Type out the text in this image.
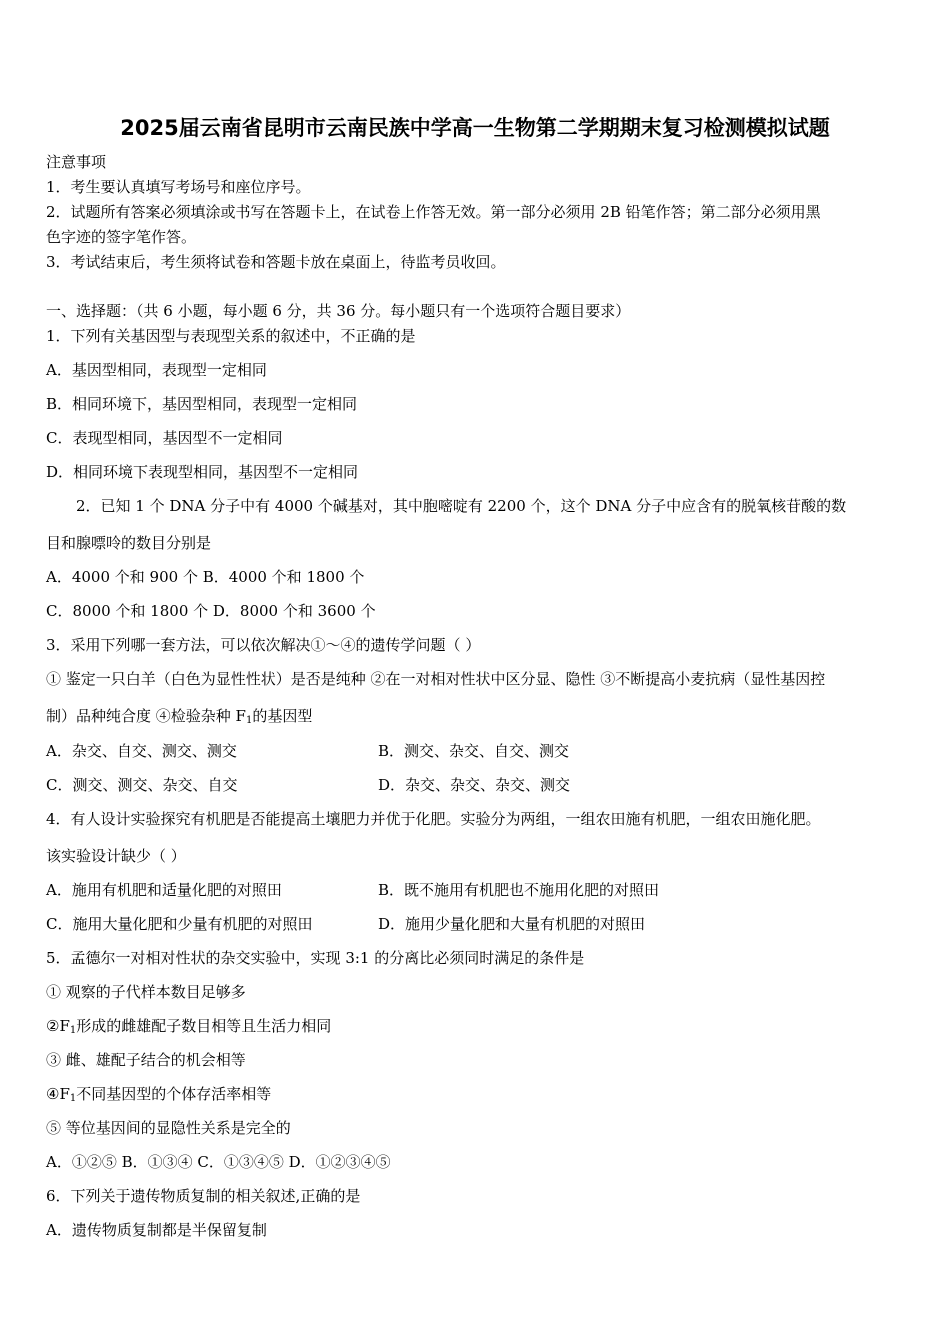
2025届云南省昆明市云南民族中学高一生物第二学期期末复习检测模拟试题
注意事项
1．考生要认真填写考场号和座位序号。
2．试题所有答案必须填涂或书写在答题卡上，在试卷上作答无效。第一部分必须用 2B 铅笔作答；第二部分必须用黑
色字迹的签字笔作答。
3．考试结束后，考生须将试卷和答题卡放在桌面上，待监考员收回。
一、选择题：（共 6 小题，每小题 6 分，共 36 分。每小题只有一个选项符合题目要求）
1．下列有关基因型与表现型关系的叙述中，不正确的是
A．基因型相同，表现型一定相同
B．相同环境下，基因型相同，表现型一定相同
C．表现型相同，基因型不一定相同
D．相同环境下表现型相同，基因型不一定相同
2．已知 1 个 DNA 分子中有 4000 个碱基对，其中胞嘧啶有 2200 个，这个 DNA 分子中应含有的脱氧核苷酸的数
目和腺嘌呤的数目分别是
A．4000 个和 900 个 B．4000 个和 1800 个
C．8000 个和 1800 个 D．8000 个和 3600 个
3．采用下列哪一套方法，可以依次解决①～④的遗传学问题（ ）
① 鉴定一只白羊（白色为显性性状）是否是纯种 ②在一对相对性状中区分显、隐性 ③不断提高小麦抗病（显性基因控
制）品种纯合度 ④检验杂种 $F_1$的基因型
A．杂交、自交、测交、测交	B．测交、杂交、自交、测交
C．测交、测交、杂交、自交	D．杂交、杂交、杂交、测交
4．有人设计实验探究有机肥是否能提高土壤肥力并优于化肥。实验分为两组，一组农田施有机肥，一组农田施化肥。
该实验设计缺少（ ）
A．施用有机肥和适量化肥的对照田	B．既不施用有机肥也不施用化肥的对照田
C．施用大量化肥和少量有机肥的对照田	D．施用少量化肥和大量有机肥的对照田
5．孟德尔一对相对性状的杂交实验中，实现 3:1 的分离比必须同时满足的条件是
① 观察的子代样本数目足够多
$②F_1$形成的雌雄配子数目相等且生活力相同
③ 雌、雄配子结合的机会相等
$④F_1$不同基因型的个体存活率相等
⑤ 等位基因间的显隐性关系是完全的
A．①②⑤ B．①③④ C．①③④⑤ D．①②③④⑤
6．下列关于遗传物质复制的相关叙述,正确的是
A．遗传物质复制都是半保留复制
